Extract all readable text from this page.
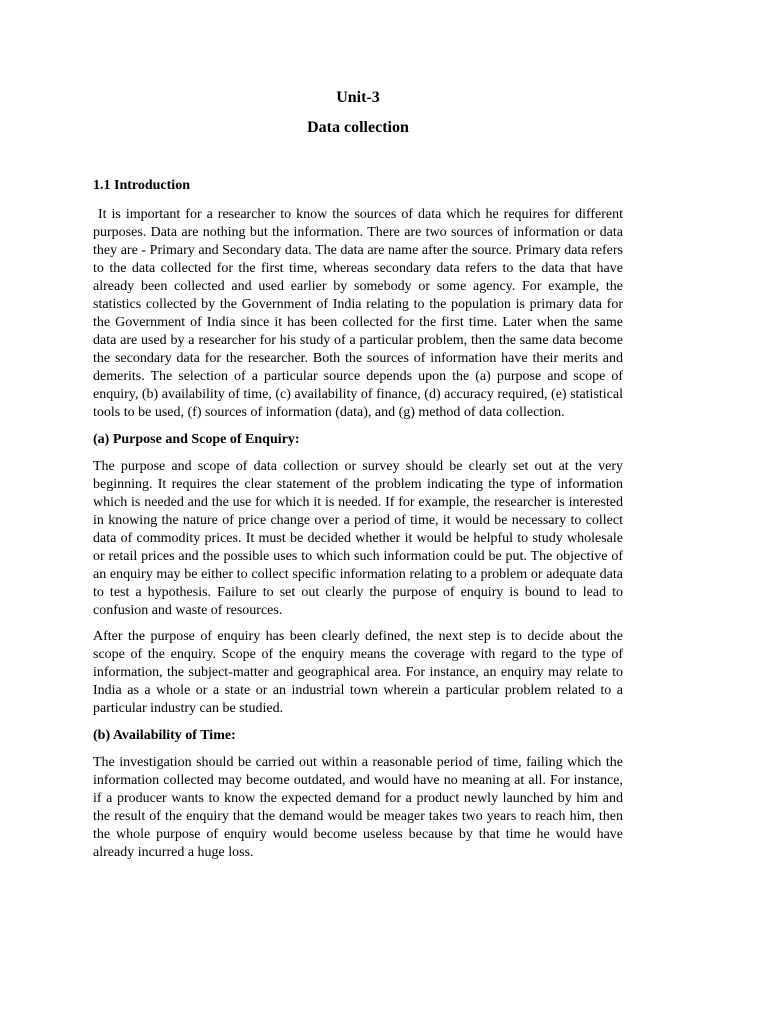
Unit-3
Data collection
1.1 Introduction

It is important for a researcher to know the sources of data which he requires for different purposes. Data are nothing but the information. There are two sources of information or data they are - Primary and Secondary data. The data are name after the source. Primary data refers to the data collected for the first time, whereas secondary data refers to the data that have already been collected and used earlier by somebody or some agency. For example, the statistics collected by the Government of India relating to the population is primary data for the Government of India since it has been collected for the first time. Later when the same data are used by a researcher for his study of a particular problem, then the same data become the secondary data for the researcher. Both the sources of information have their merits and demerits. The selection of a particular source depends upon the (a) purpose and scope of enquiry, (b) availability of time, (c) availability of finance, (d) accuracy required, (e) statistical tools to be used, (f) sources of information (data), and (g) method of data collection.

(a) Purpose and Scope of Enquiry:

The purpose and scope of data collection or survey should be clearly set out at the very beginning. It requires the clear statement of the problem indicating the type of information which is needed and the use for which it is needed. If for example, the researcher is interested in knowing the nature of price change over a period of time, it would be necessary to collect data of commodity prices. It must be decided whether it would be helpful to study wholesale or retail prices and the possible uses to which such information could be put. The objective of an enquiry may be either to collect specific information relating to a problem or adequate data to test a hypothesis. Failure to set out clearly the purpose of enquiry is bound to lead to confusion and waste of resources.

After the purpose of enquiry has been clearly defined, the next step is to decide about the scope of the enquiry. Scope of the enquiry means the coverage with regard to the type of information, the subject-matter and geographical area. For instance, an enquiry may relate to India as a whole or a state or an industrial town wherein a particular problem related to a particular industry can be studied.

(b) Availability of Time:

The investigation should be carried out within a reasonable period of time, failing which the information collected may become outdated, and would have no meaning at all. For instance, if a producer wants to know the expected demand for a product newly launched by him and the result of the enquiry that the demand would be meager takes two years to reach him, then the whole purpose of enquiry would become useless because by that time he would have already incurred a huge loss.
